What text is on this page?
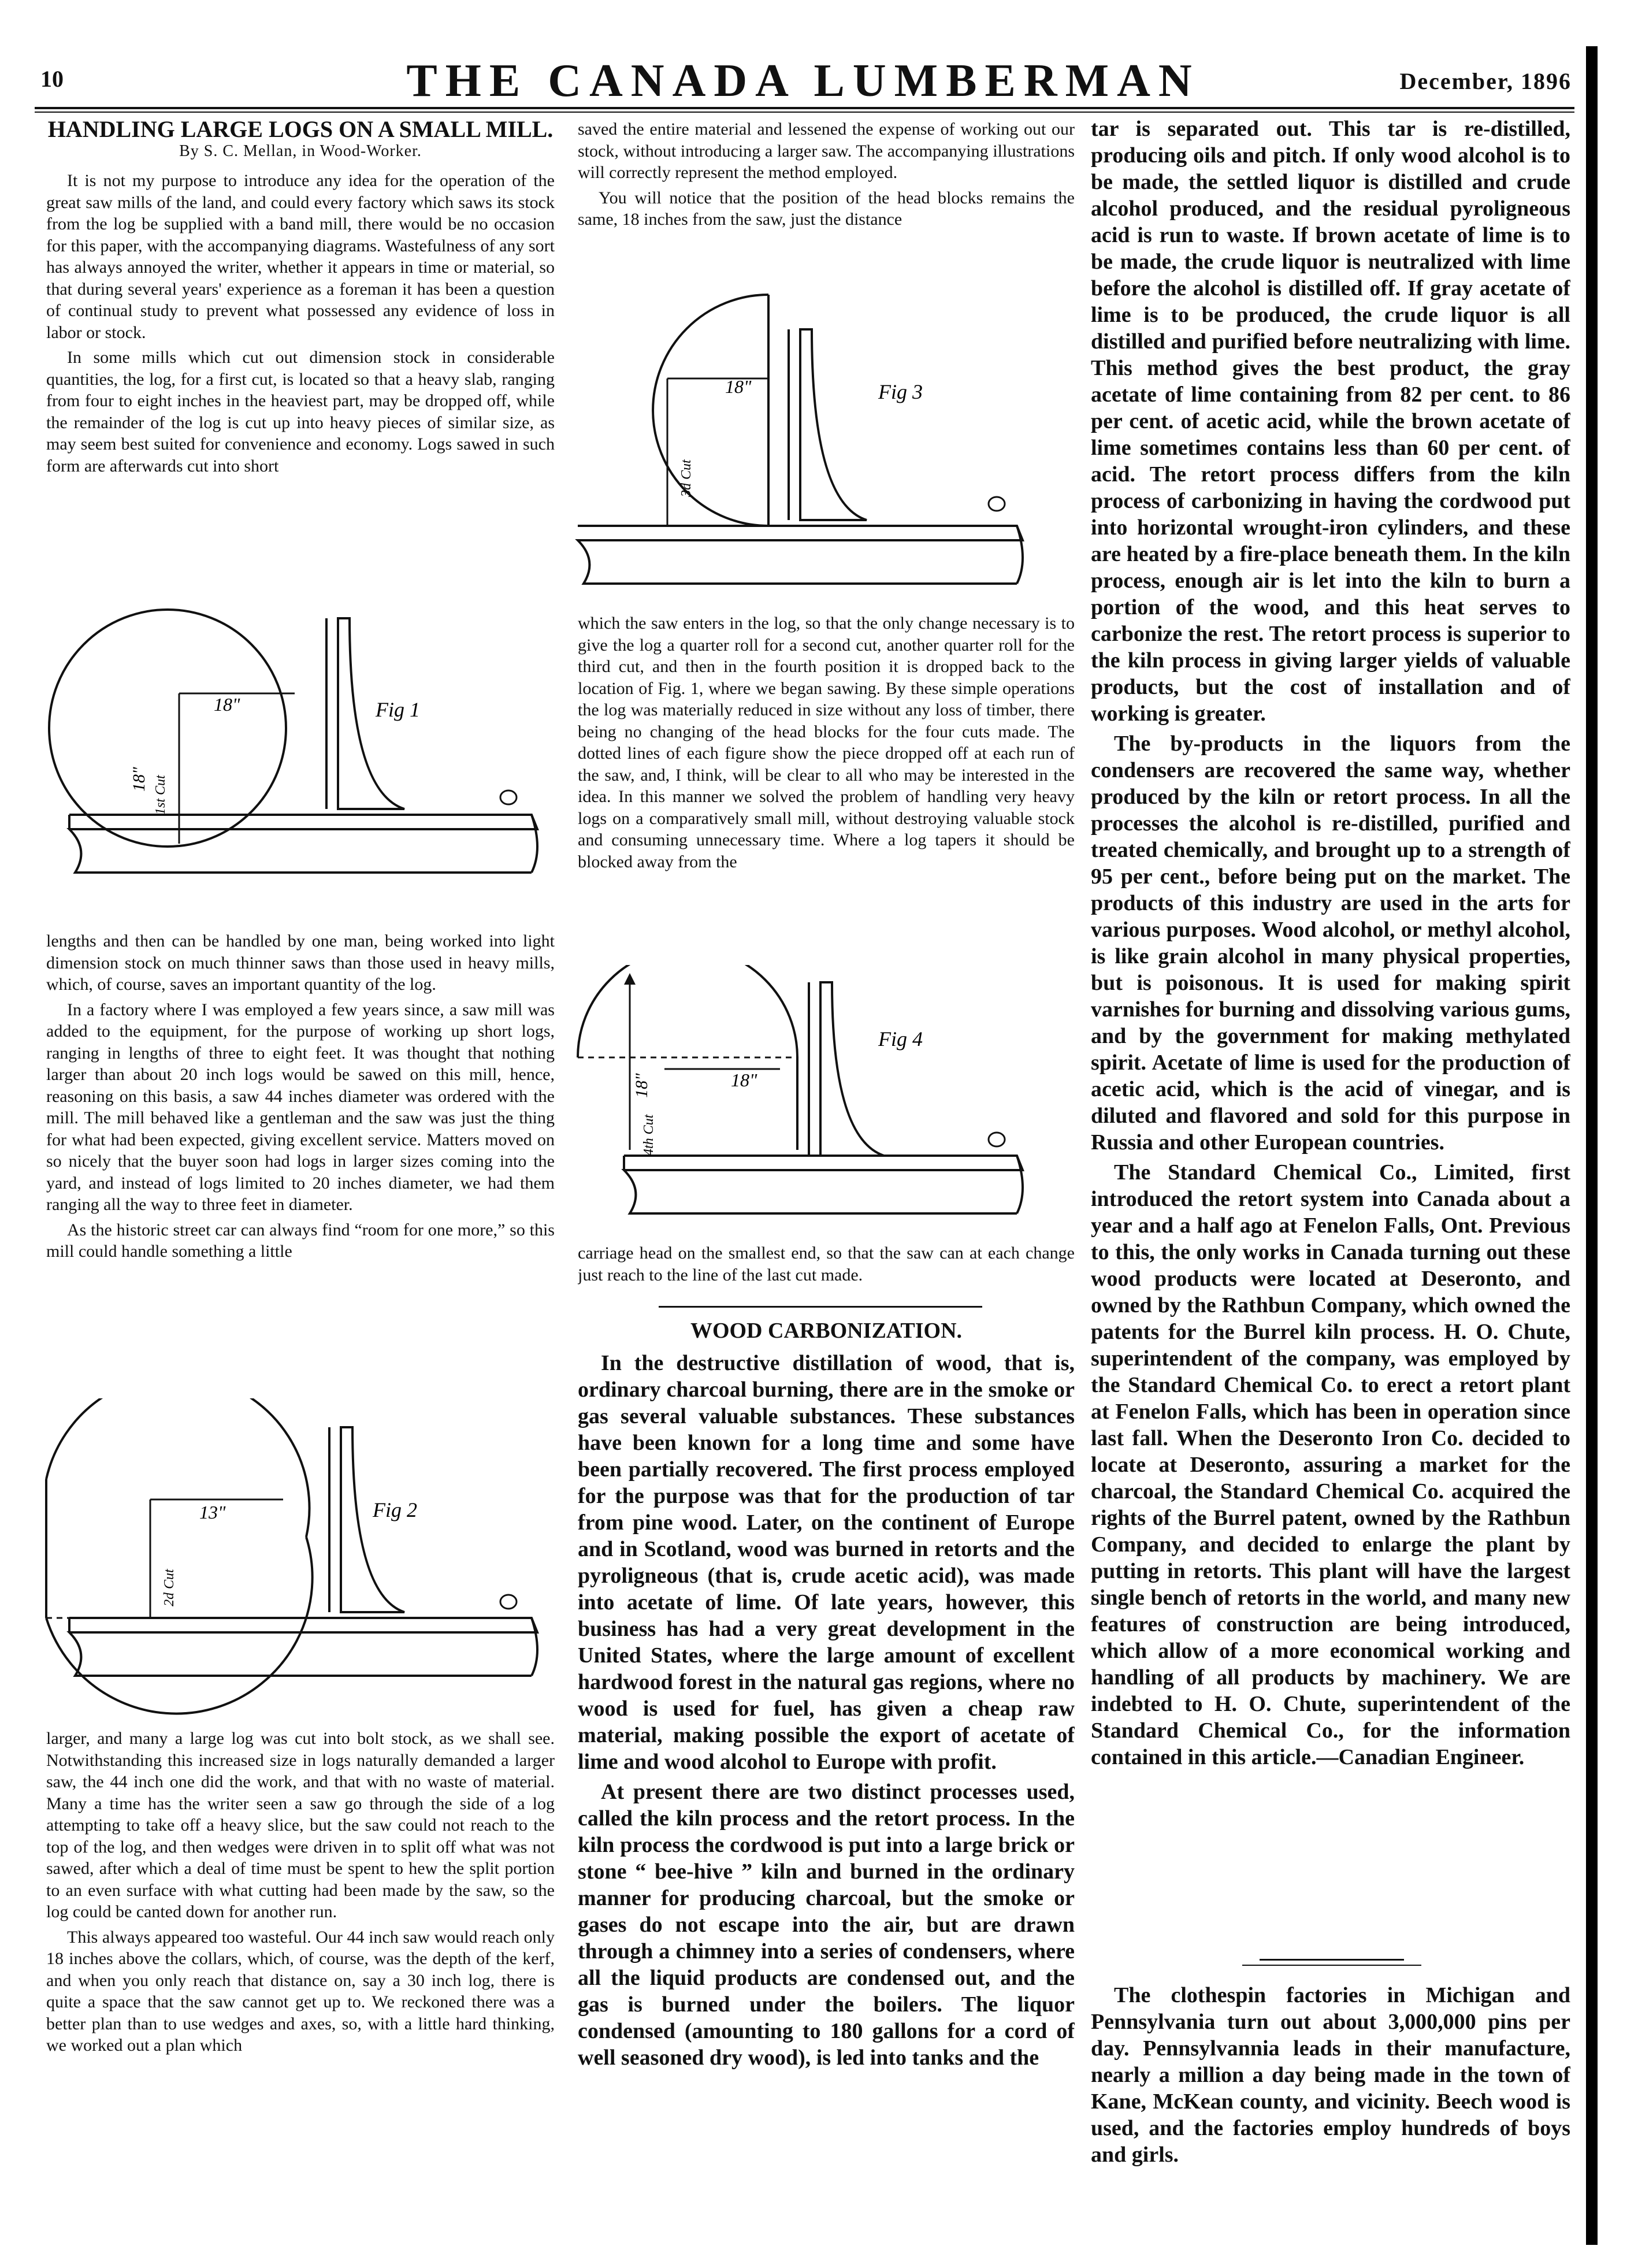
10	THE CANADA LUMBERMAN	December, 1896
HANDLING LARGE LOGS ON A SMALL MILL.
By S. C. Mellan, in Wood-Worker.

It is not my purpose to introduce any idea for the operation of the great saw mills of the land, and could every factory which saws its stock from the log be supplied with a band mill, there would be no occasion for this paper, with the accompanying diagrams. Wastefulness of any sort has always annoyed the writer, whether it appears in time or material, so that during several years' experience as a foreman it has been a question of continual study to prevent what possessed any evidence of loss in labor or stock.

In some mills which cut out dimension stock in considerable quantities, the log, for a first cut, is located so that a heavy slab, ranging from four to eight inches in the heaviest part, may be dropped off, while the remainder of the log is cut up into heavy pieces of similar size, as may seem best suited for convenience and economy. Logs sawed in such form are afterwards cut into short

18"
18" 1st Cut
Fig 1

lengths and then can be handled by one man, being worked into light dimension stock on much thinner saws than those used in heavy mills, which, of course, saves an important quantity of the log.

In a factory where I was employed a few years since, a saw mill was added to the equipment, for the purpose of working up short logs, ranging in lengths of three to eight feet. It was thought that nothing larger than about 20 inch logs would be sawed on this mill, hence, reasoning on this basis, a saw 44 inches diameter was ordered with the mill. The mill behaved like a gentleman and the saw was just the thing for what had been expected, giving excellent service. Matters moved on so nicely that the buyer soon had logs in larger sizes coming into the yard, and instead of logs limited to 20 inches diameter, we had them ranging all the way to three feet in diameter.

As the historic street car can always find “room for one more,” so this mill could handle something a little

13"
2d Cut
Fig 2

larger, and many a large log was cut into bolt stock, as we shall see. Notwithstanding this increased size in logs naturally demanded a larger saw, the 44 inch one did the work, and that with no waste of material. Many a time has the writer seen a saw go through the side of a log attempting to take off a heavy slice, but the saw could not reach to the top of the log, and then wedges were driven in to split off what was not sawed, after which a deal of time must be spent to hew the split portion to an even surface with what cutting had been made by the saw, so the log could be canted down for another run.

This always appeared too wasteful. Our 44 inch saw would reach only 18 inches above the collars, which, of course, was the depth of the kerf, and when you only reach that distance on, say a 30 inch log, there is quite a space that the saw cannot get up to. We reckoned there was a better plan than to use wedges and axes, so, with a little hard thinking, we worked out a plan which

saved the entire material and lessened the expense of working out our stock, without introducing a larger saw. The accompanying illustrations will correctly represent the method employed.

You will notice that the position of the head blocks remains the same, 18 inches from the saw, just the distance

18"
3d Cut
Fig 3

which the saw enters in the log, so that the only change necessary is to give the log a quarter roll for a second cut, another quarter roll for the third cut, and then in the fourth position it is dropped back to the location of Fig. 1, where we began sawing. By these simple operations the log was materially reduced in size without any loss of timber, there being no changing of the head blocks for the four cuts made. The dotted lines of each figure show the piece dropped off at each run of the saw, and, I think, will be clear to all who may be interested in the idea. In this manner we solved the problem of handling very heavy logs on a comparatively small mill, without destroying valuable stock and consuming unnecessary time. Where a log tapers it should be blocked away from the

18"
18"
4th Cut
Fig 4

carriage head on the smallest end, so that the saw can at each change just reach to the line of the last cut made.

WOOD CARBONIZATION.

In the destructive distillation of wood, that is, ordinary charcoal burning, there are in the smoke or gas several valuable substances. These substances have been known for a long time and some have been partially recovered. The first process employed for the purpose was that for the production of tar from pine wood. Later, on the continent of Europe and in Scotland, wood was burned in retorts and the pyroligneous (that is, crude acetic acid), was made into acetate of lime. Of late years, however, this business has had a very great development in the United States, where the large amount of excellent hardwood forest in the natural gas regions, where no wood is used for fuel, has given a cheap raw material, making possible the export of acetate of lime and wood alcohol to Europe with profit.

At present there are two distinct processes used, called the kiln process and the retort process. In the kiln process the cordwood is put into a large brick or stone “ bee-hive ” kiln and burned in the ordinary manner for producing charcoal, but the smoke or gases do not escape into the air, but are drawn through a chimney into a series of condensers, where all the liquid products are condensed out, and the gas is burned under the boilers. The liquor condensed (amounting to 180 gallons for a cord of well seasoned dry wood), is led into tanks and the

tar is separated out. This tar is re-distilled, producing oils and pitch. If only wood alcohol is to be made, the settled liquor is distilled and crude alcohol produced, and the residual pyroligneous acid is run to waste. If brown acetate of lime is to be made, the crude liquor is neutralized with lime before the alcohol is distilled off. If gray acetate of lime is to be produced, the crude liquor is all distilled and purified before neutralizing with lime. This method gives the best product, the gray acetate of lime containing from 82 per cent. to 86 per cent. of acetic acid, while the brown acetate of lime sometimes contains less than 60 per cent. of acid. The retort process differs from the kiln process of carbonizing in having the cordwood put into horizontal wrought-iron cylinders, and these are heated by a fire-place beneath them. In the kiln process, enough air is let into the kiln to burn a portion of the wood, and this heat serves to carbonize the rest. The retort process is superior to the kiln process in giving larger yields of valuable products, but the cost of installation and of working is greater.

The by-products in the liquors from the condensers are recovered the same way, whether produced by the kiln or retort process. In all the processes the alcohol is re-distilled, purified and treated chemically, and brought up to a strength of 95 per cent., before being put on the market. The products of this industry are used in the arts for various purposes. Wood alcohol, or methyl alcohol, is like grain alcohol in many physical properties, but is poisonous. It is used for making spirit varnishes for burning and dissolving various gums, and by the government for making methylated spirit. Acetate of lime is used for the production of acetic acid, which is the acid of vinegar, and is diluted and flavored and sold for this purpose in Russia and other European countries.

The Standard Chemical Co., Limited, first introduced the retort system into Canada about a year and a half ago at Fenelon Falls, Ont. Previous to this, the only works in Canada turning out these wood products were located at Deseronto, and owned by the Rathbun Company, which owned the patents for the Burrel kiln process. H. O. Chute, superintendent of the company, was employed by the Standard Chemical Co. to erect a retort plant at Fenelon Falls, which has been in operation since last fall. When the Deseronto Iron Co. decided to locate at Deseronto, assuring a market for the charcoal, the Standard Chemical Co. acquired the rights of the Burrel patent, owned by the Rathbun Company, and decided to enlarge the plant by putting in retorts. This plant will have the largest single bench of retorts in the world, and many new features of construction are being introduced, which allow of a more economical working and handling of all products by machinery. We are indebted to H. O. Chute, superintendent of the Standard Chemical Co., for the information contained in this article.—Canadian Engineer.

The clothespin factories in Michigan and Pennsylvania turn out about 3,000,000 pins per day. Pennsylvannia leads in their manufacture, nearly a million a day being made in the town of Kane, McKean county, and vicinity. Beech wood is used, and the factories employ hundreds of boys and girls.
